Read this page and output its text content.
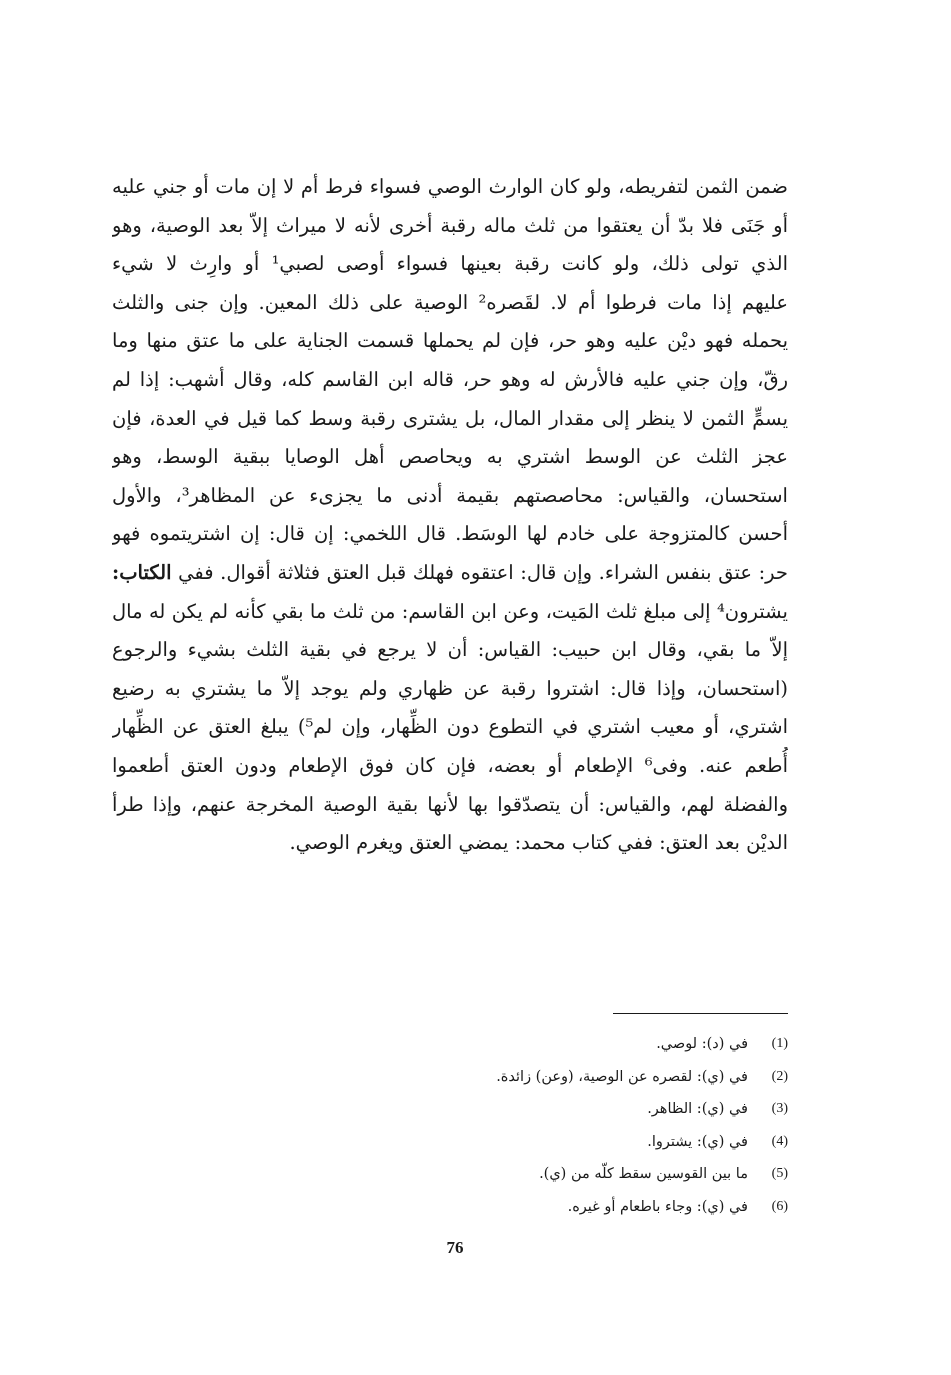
ضمن الثمن لتفريطه، ولو كان الوارث الوصي فسواء فرط أم لا إن مات أو جني عليه
أو جَنَى فلا بدّ أن يعتقوا من ثلث ماله رقبة أخرى لأنه لا ميراث إلاّ بعد الوصية، وهو
الذي تولى ذلك، ولو كانت رقبة بعينها فسواء أوصى لصبي¹ أو وارِث لا شيء
عليهم إذا مات فرطوا أم لا. لقَصره² الوصية على ذلك المعين. وإن جنى والثلث
يحمله فهو ديْن عليه وهو حر، فإن لم يحملها قسمت الجناية على ما عتق منها وما
رقّ، وإن جني عليه فالأرش له وهو حر، قاله ابن القاسم كله، وقال أشهب: إذا لم
يسمٍّ الثمن لا ينظر إلى مقدار المال، بل يشترى رقبة وسط كما قيل في العدة، فإن
عجز الثلث عن الوسط اشتري به ويحاصص أهل الوصايا ببقية الوسط، وهو
استحسان، والقياس: محاصصتهم بقيمة أدنى ما يجزىء عن المظاهر³، والأول
أحسن كالمتزوجة على خادم لها الوسَط. قال اللخمي: إن قال: إن اشتريتموه فهو
حر: عتق بنفس الشراء. وإن قال: اعتقوه فهلك قبل العتق فثلاثة أقوال. ففي الكتاب:
يشترون⁴ إلى مبلغ ثلث المَيت، وعن ابن القاسم: من ثلث ما بقي كأنه لم يكن له مال
إلاّ ما بقي، وقال ابن حبيب: القياس: أن لا يرجع في بقية الثلث بشيء والرجوع
(استحسان، وإذا قال: اشتروا رقبة عن ظهاري ولم يوجد إلاّ ما يشتري به رضيع
اشتري، أو معيب اشتري في التطوع دون الظِّهار، وإن لم⁵) يبلغ العتق عن الظِّهار
أُطعم عنه. وفى⁶ الإطعام أو بعضه، فإن كان فوق الإطعام ودون العتق أطعموا
والفضلة لهم، والقياس: أن يتصدّقوا بها لأنها بقية الوصية المخرجة عنهم، وإذا طرأ
الديْن بعد العتق: ففي كتاب محمد: يمضي العتق ويغرم الوصي.
(1)
في (د): لوصي.
(2)
في (ي): لقصره عن الوصية، (وعن) زائدة.
(3)
في (ي): الظاهر.
(4)
في (ي): يشتروا.
(5)
ما بين القوسين سقط كلّه من (ي).
(6)
في (ي): وجاء باطعام أو غيره.
76
